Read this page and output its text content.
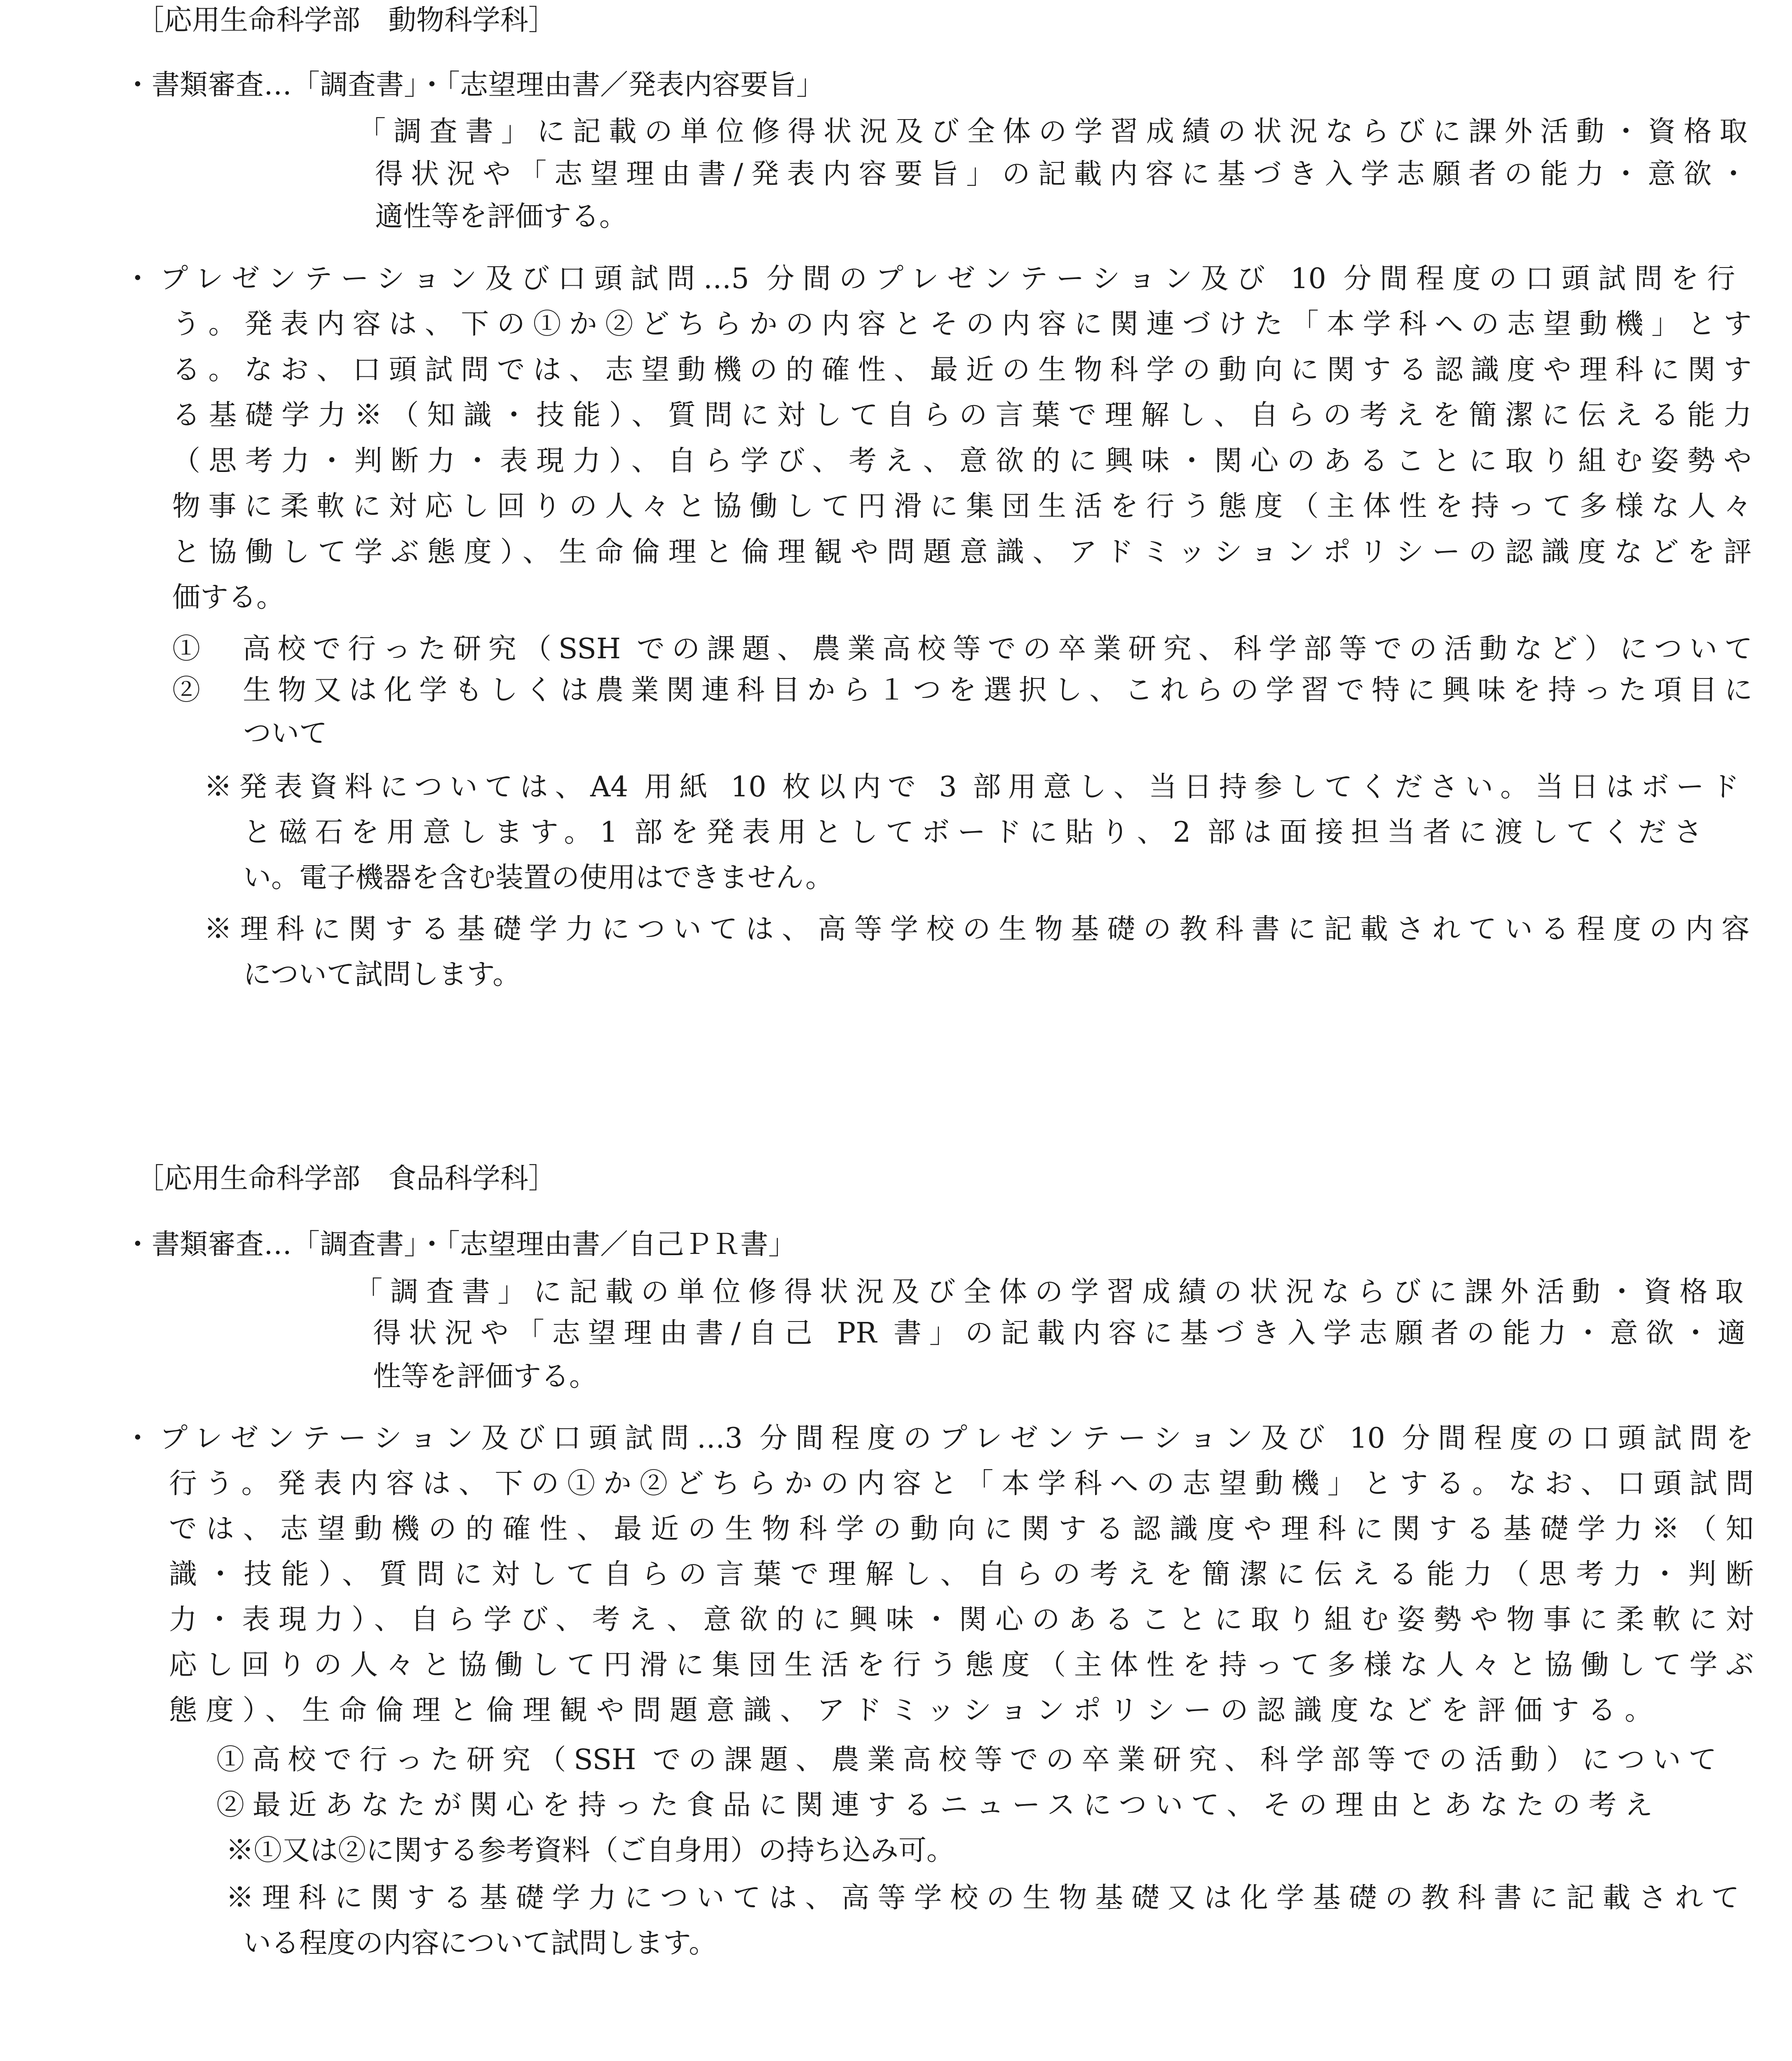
［応用生命科学部　動物科学科］
・書類審査…「調査書」・「志望理由書／発表内容要旨」
「調査書」に記載の単位修得状況及び全体の学習成績の状況ならびに課外活動・資格取
得状況や「志望理由書/発表内容要旨」の記載内容に基づき入学志願者の能力・意欲・
適性等を評価する。
・プレゼンテーション及び口頭試問…5 分間のプレゼンテーション及び 10 分間程度の口頭試問を行
う。発表内容は、下の①か②どちらかの内容とその内容に関連づけた「本学科への志望動機」とす
る。なお、口頭試問では、志望動機の的確性、最近の生物科学の動向に関する認識度や理科に関す
る基礎学力※（知識・技能）、質問に対して自らの言葉で理解し、自らの考えを簡潔に伝える能力
（思考力・判断力・表現力）、自ら学び、考え、意欲的に興味・関心のあることに取り組む姿勢や
物事に柔軟に対応し回りの人々と協働して円滑に集団生活を行う態度（主体性を持って多様な人々
と協働して学ぶ態度）、生命倫理と倫理観や問題意識、アドミッションポリシーの認識度などを評
価する。
①　高校で行った研究（SSH での課題、農業高校等での卒業研究、科学部等での活動など）について
②　生物又は化学もしくは農業関連科目から１つを選択し、これらの学習で特に興味を持った項目に
ついて
※発表資料については、A4 用紙 10 枚以内で 3 部用意し、当日持参してください。当日はボード
と磁石を用意します。1 部を発表用としてボードに貼り、2 部は面接担当者に渡してくださ
い。電子機器を含む装置の使用はできません。
※理科に関する基礎学力については、高等学校の生物基礎の教科書に記載されている程度の内容
について試問します。
［応用生命科学部　食品科学科］
・書類審査…「調査書」・「志望理由書／自己ＰＲ書」
「調査書」に記載の単位修得状況及び全体の学習成績の状況ならびに課外活動・資格取
得状況や「志望理由書/自己 PR 書」の記載内容に基づき入学志願者の能力・意欲・適
性等を評価する。
・プレゼンテーション及び口頭試問…3 分間程度のプレゼンテーション及び 10 分間程度の口頭試問を
行う。発表内容は、下の①か②どちらかの内容と「本学科への志望動機」とする。なお、口頭試問
では、志望動機の的確性、最近の生物科学の動向に関する認識度や理科に関する基礎学力※（知
識・技能）、質問に対して自らの言葉で理解し、自らの考えを簡潔に伝える能力（思考力・判断
力・表現力）、自ら学び、考え、意欲的に興味・関心のあることに取り組む姿勢や物事に柔軟に対
応し回りの人々と協働して円滑に集団生活を行う態度（主体性を持って多様な人々と協働して学ぶ
態度）、生命倫理と倫理観や問題意識、アドミッションポリシーの認識度などを評価する。
①高校で行った研究（SSH での課題、農業高校等での卒業研究、科学部等での活動）について
②最近あなたが関心を持った食品に関連するニュースについて、その理由とあなたの考え
※①又は②に関する参考資料（ご自身用）の持ち込み可。
※理科に関する基礎学力については、高等学校の生物基礎又は化学基礎の教科書に記載されて
いる程度の内容について試問します。
